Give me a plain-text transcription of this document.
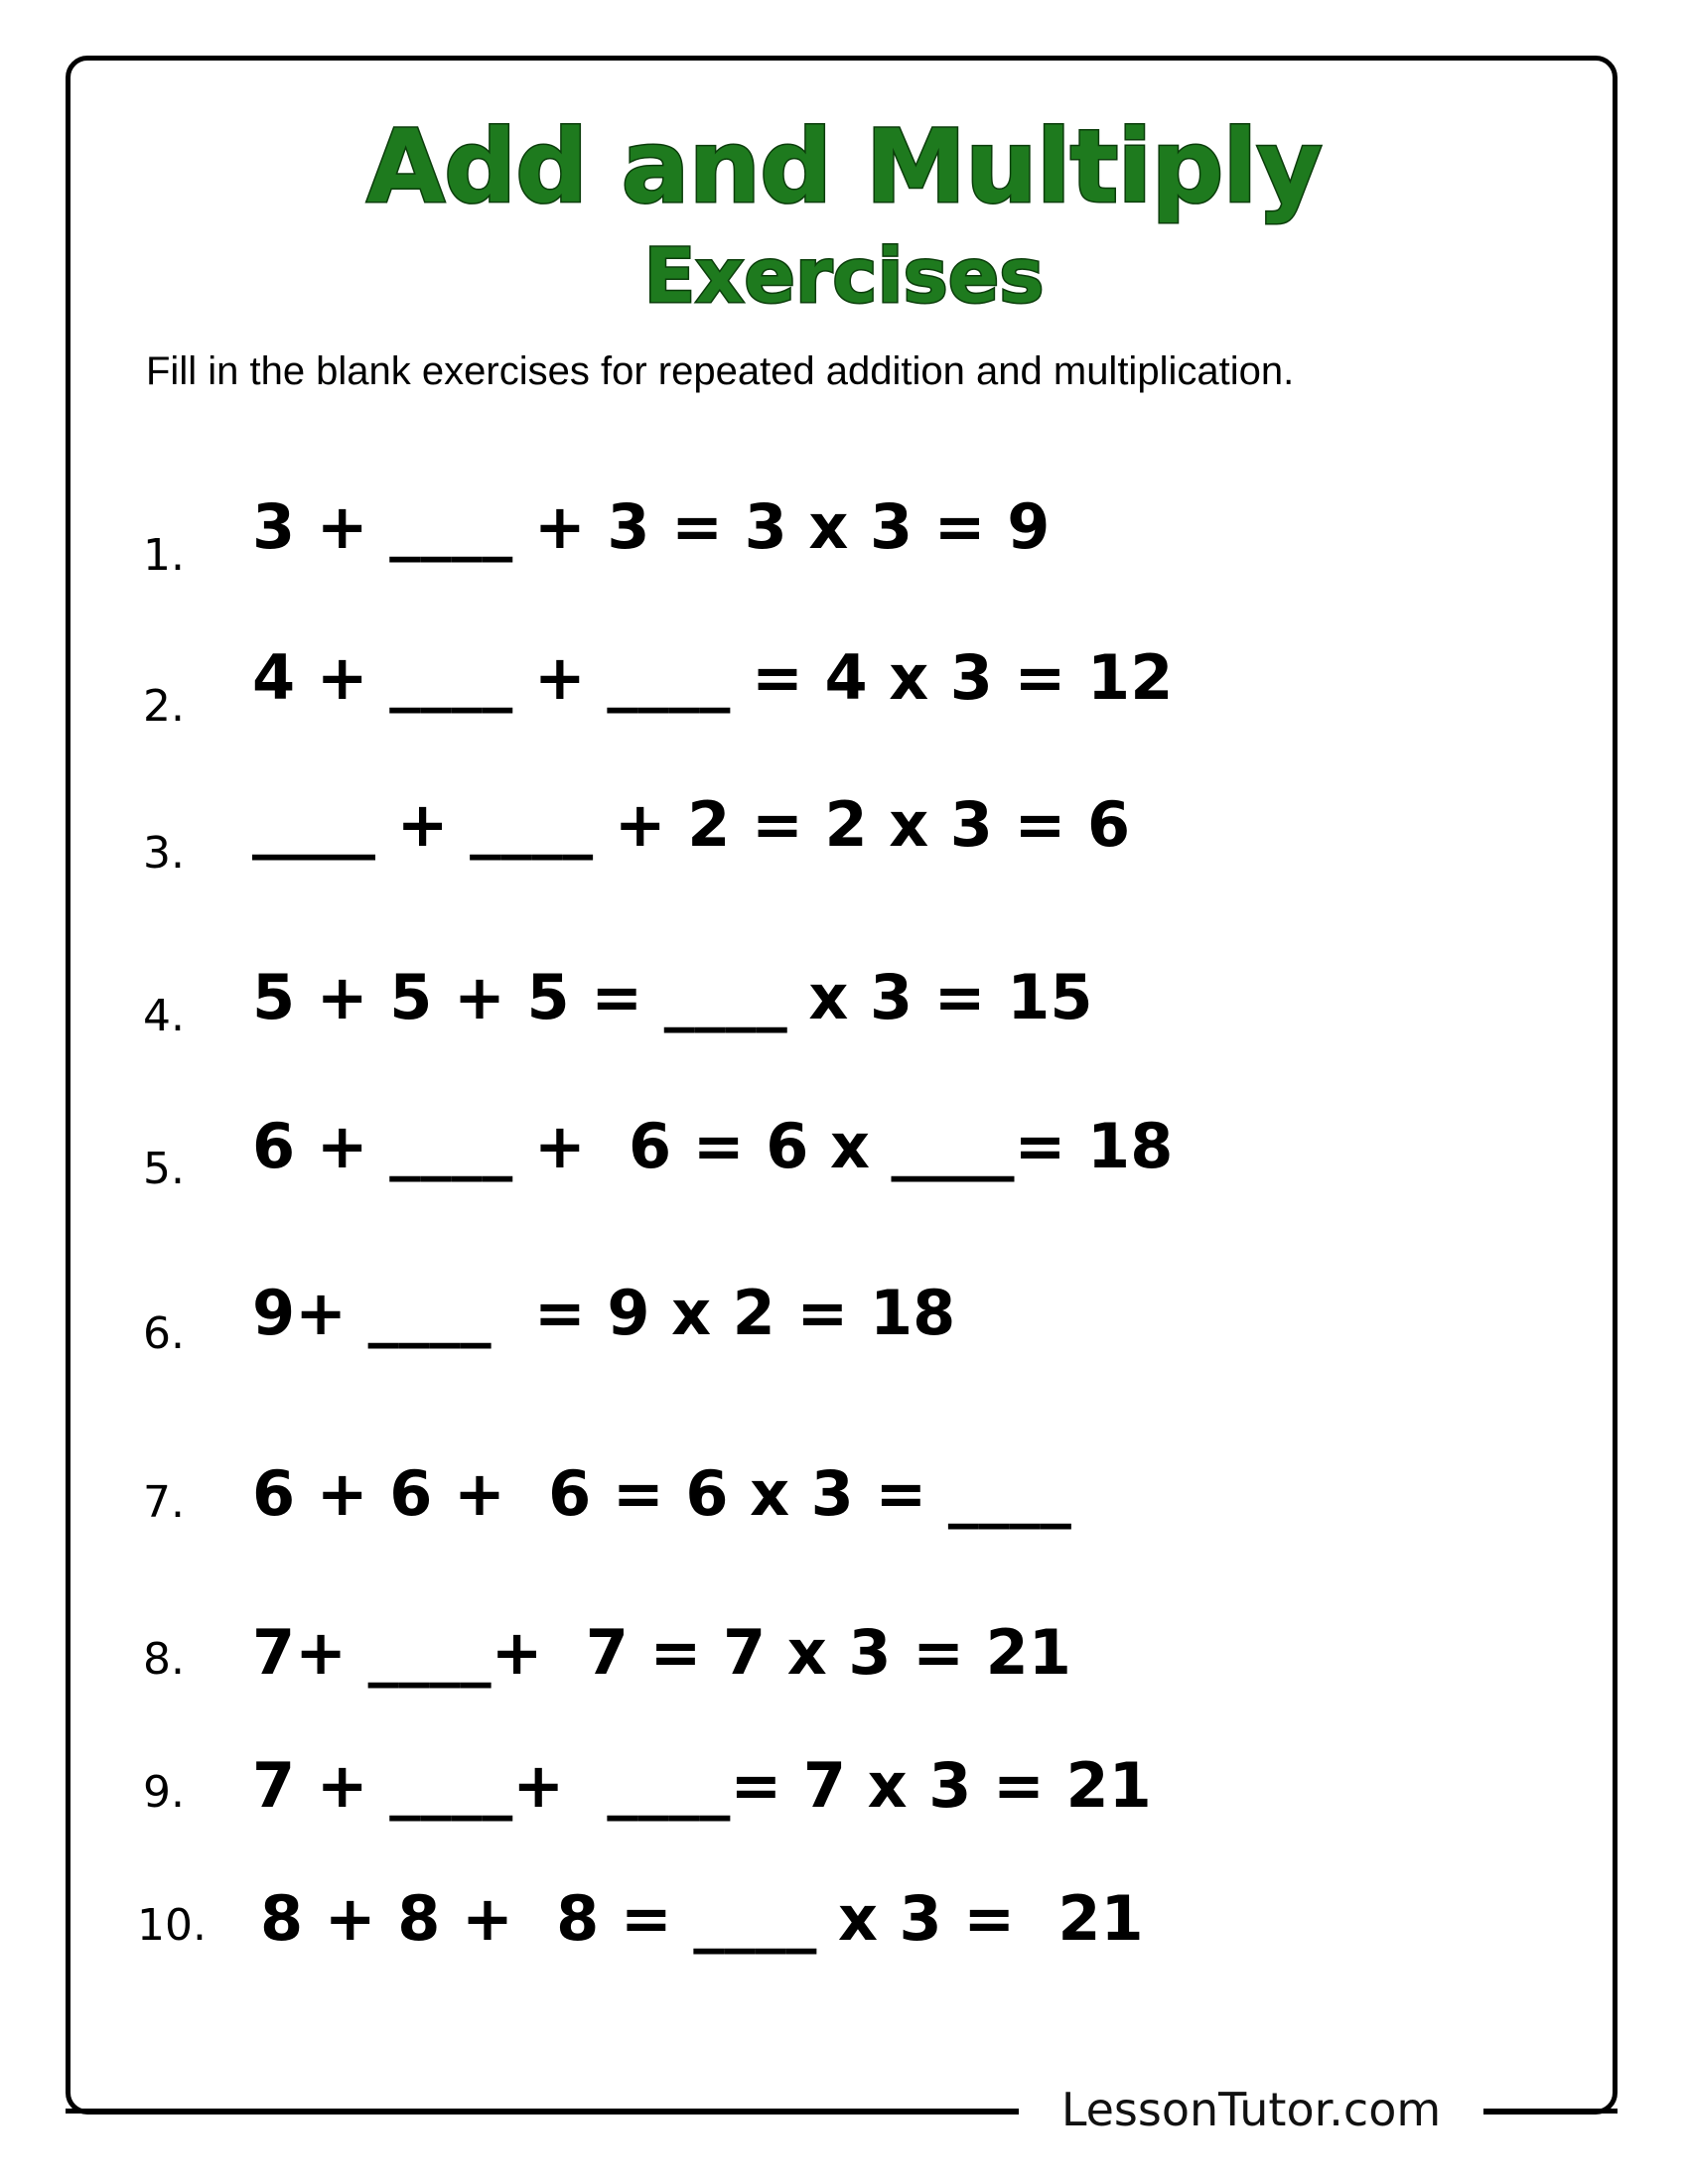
Add and Multiply
Exercises
Fill in the blank exercises for repeated addition and multiplication.
1. 3 + ____ + 3 = 3 x 3 = 9
2. 4 + ____ + ____ = 4 x 3 = 12
3. ____ + ____ + 2 = 2 x 3 = 6
4. 5 + 5 + 5 = ____ x 3 = 15
5. 6 + ____ +  6 = 6 x ____= 18
6. 9+ ____  = 9 x 2 = 18
7. 6 + 6 +  6 = 6 x 3 = ____
8. 7+ ____+  7 = 7 x 3 = 21
9. 7 + ____+  ____= 7 x 3 = 21
10. 8 + 8 +  8 = ____ x 3 =  21
LessonTutor.com
